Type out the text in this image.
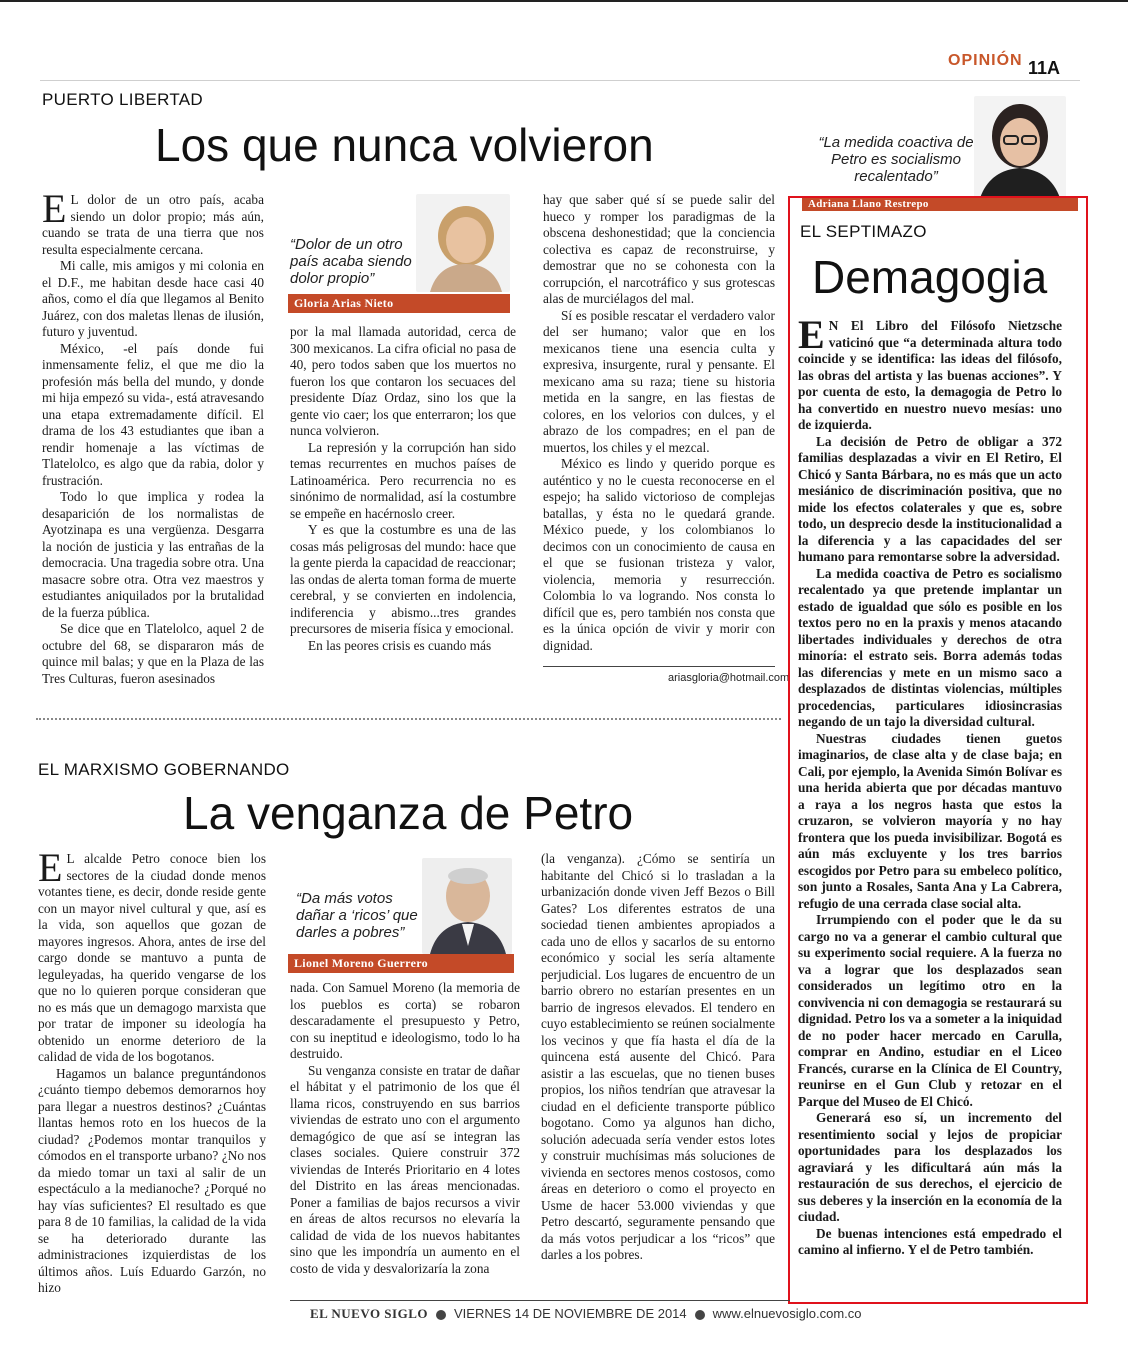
OPINIÓN 11A
PUERTO LIBERTAD
Los que nunca volvieron

E L dolor de un otro país, acaba siendo un dolor propio; más aún, cuando se trata de una tierra que nos resulta especialmente cercana.

Mi calle, mis amigos y mi colonia en el D.F., me habitan desde hace casi 40 años, como el día que llegamos al Benito Juárez, con dos maletas llenas de ilusión, futuro y juventud.

México, -el país donde fui inmensamente feliz, el que me dio la profesión más bella del mundo, y donde mi hija empezó su vida-, está atravesando una etapa extremadamente difícil. El drama de los 43 estudiantes que iban a rendir homenaje a las víctimas de Tlatelolco, es algo que da rabia, dolor y frustración.

Todo lo que implica y rodea la desaparición de los normalistas de Ayotzinapa es una vergüenza. Desgarra la noción de justicia y las entrañas de la democracia. Una tragedia sobre otra. Una masacre sobre otra. Otra vez maestros y estudiantes aniquilados por la brutalidad de la fuerza pública.

Se dice que en Tlatelolco, aquel 2 de octubre del 68, se dispararon más de quince mil balas; y que en la Plaza de las Tres Culturas, fueron asesinados

“Dolor de un otro país acaba siendo dolor propio”
Gloria Arias Nieto

por la mal llamada autoridad, cerca de 300 mexicanos. La cifra oficial no pasa de 40, pero todos saben que los muertos no fueron los que contaron los secuaces del presidente Díaz Ordaz, sino los que la gente vio caer; los que enterraron; los que nunca volvieron.

La represión y la corrupción han sido temas recurrentes en muchos países de Latinoamérica. Pero recurrencia no es sinónimo de normalidad, así la costumbre se empeñe en hacérnoslo creer.

Y es que la costumbre es una de las cosas más peligrosas del mundo: hace que la gente pierda la capacidad de reaccionar; las ondas de alerta toman forma de muerte cerebral, y se convierten en indolencia, indiferencia y abismo...tres grandes precursores de miseria física y emocional.

En las peores crisis es cuando más

hay que saber qué sí se puede salir del hueco y romper los paradigmas de la obscena deshonestidad; que la conciencia colectiva es capaz de reconstruirse, y demostrar que no se cohonesta con la corrupción, el narcotráfico y sus grotescas alas de murciélagos del mal.

Sí es posible rescatar el verdadero valor del ser humano; valor que en los mexicanos tiene una esencia culta y expresiva, insurgente, rural y pensante. El mexicano ama su raza; tiene su historia metida en la sangre, en las fiestas de colores, en los velorios con dulces, y el abrazo de los compadres; en el pan de muertos, los chiles y el mezcal.

México es lindo y querido porque es auténtico y no le cuesta reconocerse en el espejo; ha salido victorioso de complejas batallas, y ésta no le quedará grande. México puede, y los colombianos lo decimos con un conocimiento de causa en el que se fusionan tristeza y valor, violencia, memoria y resurrección. Colombia lo va logrando. Nos consta lo difícil que es, pero también nos consta que es la única opción de vivir y morir con dignidad.

ariasgloria@hotmail.com
EL MARXISMO GOBERNANDO
La venganza de Petro

E L alcalde Petro conoce bien los sectores de la ciudad donde menos votantes tiene, es decir, donde reside gente con un mayor nivel cultural y que, así es la vida, son aquellos que gozan de mayores ingresos. Ahora, antes de irse del cargo donde se mantuvo a punta de leguleyadas, ha querido vengarse de los que no lo quieren porque consideran que no es más que un demagogo marxista que por tratar de imponer su ideología ha obtenido un enorme deterioro de la calidad de vida de los bogotanos.

Hagamos un balance preguntándonos ¿cuánto tiempo debemos demorarnos hoy para llegar a nuestros destinos? ¿Cuántas llantas hemos roto en los huecos de la ciudad? ¿Podemos montar tranquilos y cómodos en el transporte urbano? ¿No nos da miedo tomar un taxi al salir de un espectáculo a la medianoche? ¿Porqué no hay vías suficientes? El resultado es que para 8 de 10 familias, la calidad de la vida se ha deteriorado durante las administraciones izquierdistas de los últimos años. Luís Eduardo Garzón, no hizo

“Da más votos dañar a ‘ricos’ que darles a pobres”
Lionel Moreno Guerrero

nada. Con Samuel Moreno (la memoria de los pueblos es corta) se robaron descaradamente el presupuesto y Petro, con su ineptitud e ideologismo, todo lo ha destruido.

Su venganza consiste en tratar de dañar el hábitat y el patrimonio de los que él llama ricos, construyendo en sus barrios viviendas de estrato uno con el argumento demagógico de que así se integran las clases sociales. Quiere construir 372 viviendas de Interés Prioritario en 4 lotes del Distrito en las áreas mencionadas. Poner a familias de bajos recursos a vivir en áreas de altos recursos no elevaría la calidad de vida de los nuevos habitantes sino que les impondría un aumento en el costo de vida y desvalorizaría la zona

(la venganza). ¿Cómo se sentiría un habitante del Chicó si lo trasladan a la urbanización donde viven Jeff Bezos o Bill Gates? Los diferentes estratos de una sociedad tienen ambientes apropiados a cada uno de ellos y sacarlos de su entorno económico y social les sería altamente perjudicial. Los lugares de encuentro de un barrio obrero no estarían presentes en un barrio de ingresos elevados. El tendero en cuyo establecimiento se reúnen socialmente los vecinos y que fía hasta el día de la quincena está ausente del Chicó. Para asistir a las escuelas, que no tienen buses propios, los niños tendrían que atravesar la ciudad en el deficiente transporte público bogotano. Como ya algunos han dicho, solución adecuada sería vender estos lotes y construir muchísimas más soluciones de vivienda en sectores menos costosos, como áreas en deterioro o como el proyecto en Usme de hacer 53.000 viviendas y que Petro descartó, seguramente pensando que da más votos perjudicar a los “ricos” que darles a los pobres.

“La medida coactiva de Petro es socialismo recalentado”
Adriana Llano Restrepo
EL SEPTIMAZO
Demagogia

E N El Libro del Filósofo Nietzsche vaticinó que “a determinada altura todo coincide y se identifica: las ideas del filósofo, las obras del artista y las buenas acciones”. Y por cuenta de esto, la demagogia de Petro lo ha convertido en nuestro nuevo mesías: uno de izquierda.

La decisión de Petro de obligar a 372 familias desplazadas a vivir en El Retiro, El Chicó y Santa Bárbara, no es más que un acto mesiánico de discriminación positiva, que no mide los efectos colaterales y que es, sobre todo, un desprecio desde la institucionalidad a la diferencia y a las capacidades del ser humano para remontarse sobre la adversidad.

La medida coactiva de Petro es socialismo recalentado ya que pretende implantar un estado de igualdad que sólo es posible en los textos pero no en la praxis y menos atacando libertades individuales y derechos de otra minoría: el estrato seis. Borra además todas las diferencias y mete en un mismo saco a desplazados de distintas violencias, múltiples procedencias, particulares idiosincrasias negando de un tajo la diversidad cultural.

Nuestras ciudades tienen guetos imaginarios, de clase alta y de clase baja; en Cali, por ejemplo, la Avenida Simón Bolívar es una herida abierta que por décadas mantuvo a raya a los negros hasta que estos la cruzaron, se volvieron mayoría y no hay frontera que los pueda invisibilizar. Bogotá es aún más excluyente y los tres barrios escogidos por Petro para su embeleco político, son junto a Rosales, Santa Ana y La Cabrera, refugio de una cerrada clase social alta.

Irrumpiendo con el poder que le da su cargo no va a generar el cambio cultural que su experimento social requiere. A la fuerza no va a lograr que los desplazados sean considerados un legítimo otro en la convivencia ni con demagogia se restaurará su dignidad. Petro los va a someter a la iniquidad de no poder hacer mercado en Carulla, comprar en Andino, estudiar en el Liceo Francés, curarse en la Clínica de El Country, reunirse en el Gun Club y retozar en el Parque del Museo de El Chicó.

Generará eso sí, un incremento del resentimiento social y lejos de propiciar oportunidades para los desplazados los agraviará y les dificultará aún más la restauración de sus derechos, el ejercicio de sus deberes y la inserción en la economía de la ciudad.

De buenas intenciones está empedrado el camino al infierno. Y el de Petro también.

EL NUEVO SIGLO VIERNES 14 DE NOVIEMBRE DE 2014 www.elnuevosiglo.com.co
